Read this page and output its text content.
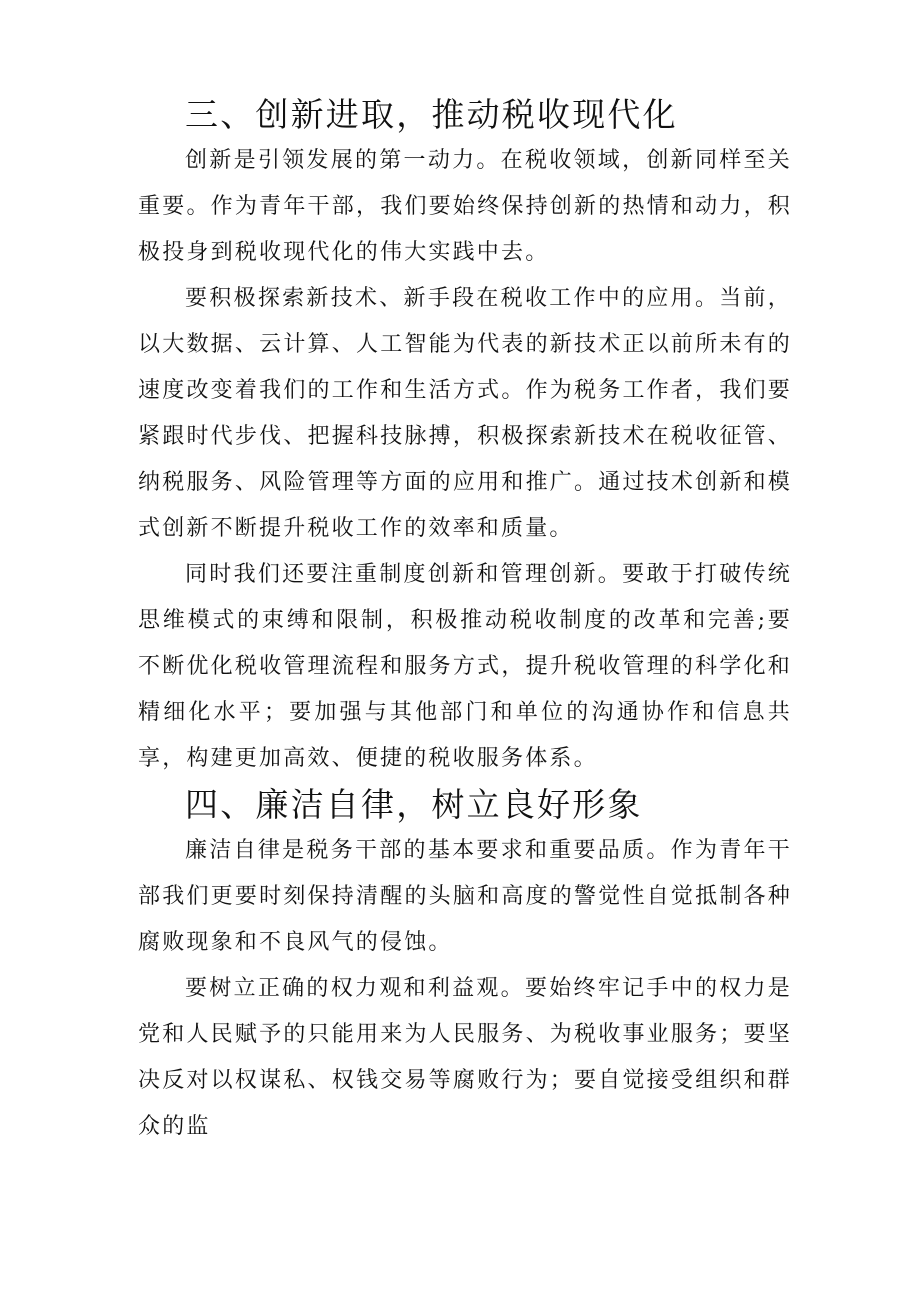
三、创新进取，推动税收现代化

创新是引领发展的第一动力。在税收领域，创新同样至关重要。作为青年干部，我们要始终保持创新的热情和动力，积极投身到税收现代化的伟大实践中去。

要积极探索新技术、新手段在税收工作中的应用。当前，以大数据、云计算、人工智能为代表的新技术正以前所未有的速度改变着我们的工作和生活方式。作为税务工作者，我们要紧跟时代步伐、把握科技脉搏，积极探索新技术在税收征管、纳税服务、风险管理等方面的应用和推广。通过技术创新和模式创新不断提升税收工作的效率和质量。

同时我们还要注重制度创新和管理创新。要敢于打破传统思维模式的束缚和限制，积极推动税收制度的改革和完善;要不断优化税收管理流程和服务方式，提升税收管理的科学化和精细化水平；要加强与其他部门和单位的沟通协作和信息共享，构建更加高效、便捷的税收服务体系。

四、廉洁自律，树立良好形象

廉洁自律是税务干部的基本要求和重要品质。作为青年干部我们更要时刻保持清醒的头脑和高度的警觉性自觉抵制各种腐败现象和不良风气的侵蚀。

要树立正确的权力观和利益观。要始终牢记手中的权力是党和人民赋予的只能用来为人民服务、为税收事业服务；要坚决反对以权谋私、权钱交易等腐败行为；要自觉接受组织和群众的监
